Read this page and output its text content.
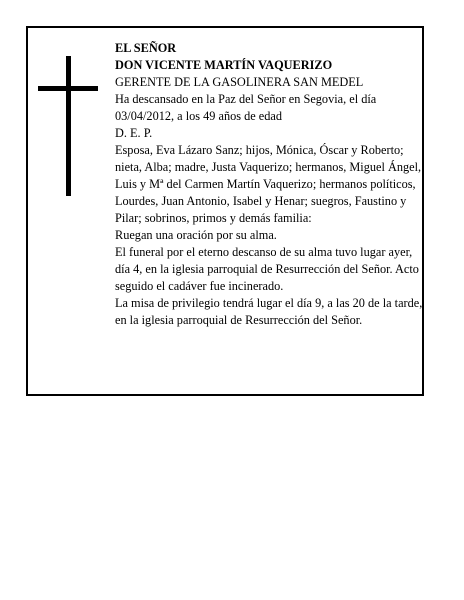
EL SEÑOR

DON VICENTE MARTÍN VAQUERIZO

GERENTE DE LA GASOLINERA SAN MEDEL

Ha descansado en la Paz del Señor en Segovia, el día 03/04/2012, a los 49 años de edad

D. E. P.

Esposa, Eva Lázaro Sanz; hijos, Mónica, Óscar y Roberto; nieta, Alba; madre, Justa Vaquerizo; hermanos, Miguel Ángel, Luis y Mª del Carmen Martín Vaquerizo; hermanos políticos, Lourdes, Juan Antonio, Isabel y Henar; suegros, Faustino y Pilar; sobrinos, primos y demás familia:

Ruegan una oración por su alma.

El funeral por el eterno descanso de su alma tuvo lugar ayer, día 4, en la iglesia parroquial de Resurrección del Señor. Acto seguido el cadáver fue incinerado.

La misa de privilegio tendrá lugar el día 9, a las 20 de la tarde, en la iglesia parroquial de Resurrección del Señor.
